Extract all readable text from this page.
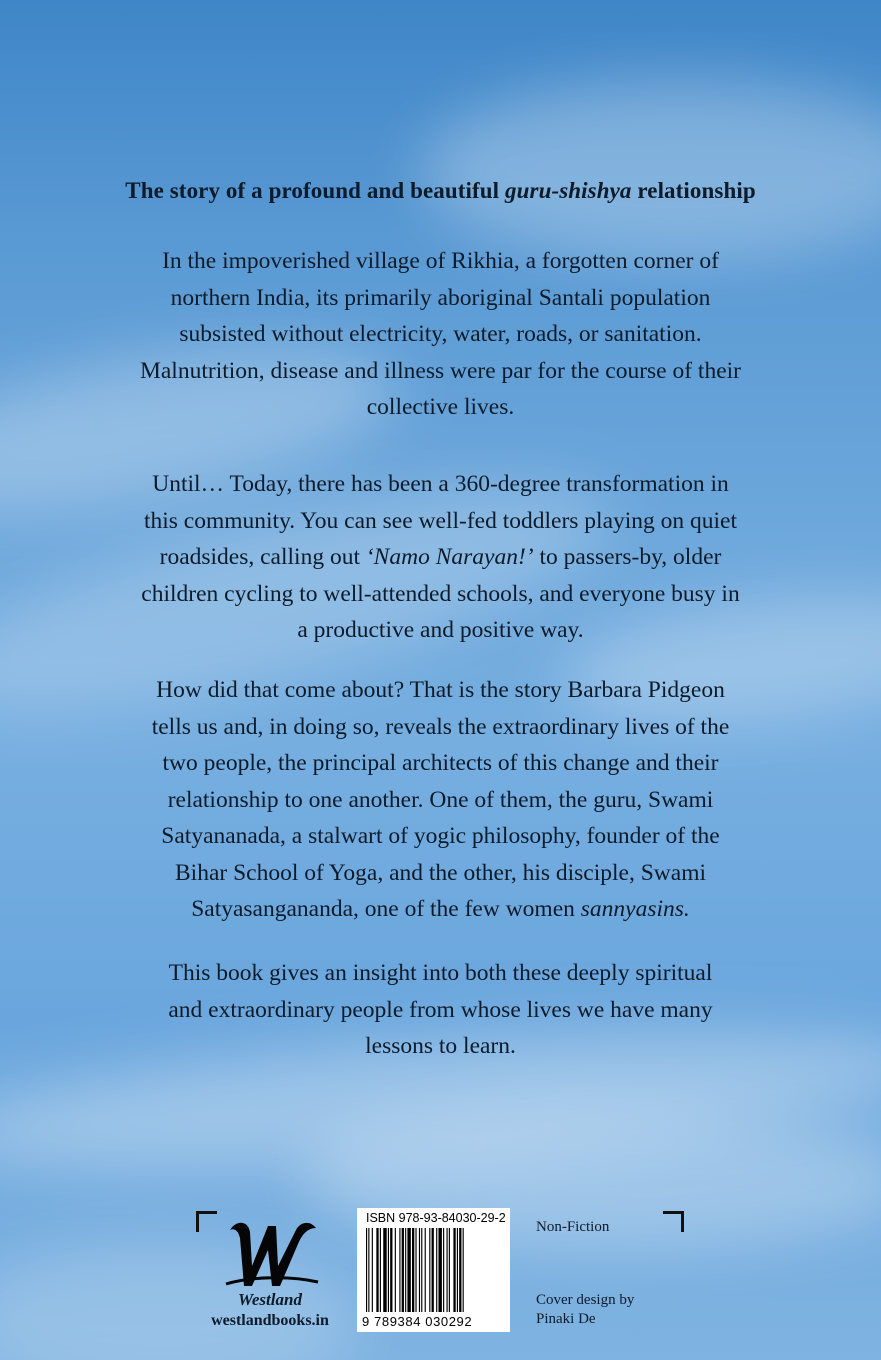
The story of a profound and beautiful guru-shishya relationship
In the impoverished village of Rikhia, a forgotten corner of
northern India, its primarily aboriginal Santali population
subsisted without electricity, water, roads, or sanitation.
Malnutrition, disease and illness were par for the course of their
collective lives.
Until… Today, there has been a 360-degree transformation in
this community. You can see well-fed toddlers playing on quiet
roadsides, calling out ‘Namo Narayan!’ to passers-by, older
children cycling to well-attended schools, and everyone busy in
a productive and positive way.
How did that come about? That is the story Barbara Pidgeon
tells us and, in doing so, reveals the extraordinary lives of the
two people, the principal architects of this change and their
relationship to one another. One of them, the guru, Swami
Satyananada, a stalwart of yogic philosophy, founder of the
Bihar School of Yoga, and the other, his disciple, Swami
Satyasangananda, one of the few women sannyasins.
This book gives an insight into both these deeply spiritual
and extraordinary people from whose lives we have many
lessons to learn.
Westland
westlandbooks.in
ISBN 978-93-84030-29-2
9 789384 030292
Non-Fiction
Cover design by
Pinaki De
